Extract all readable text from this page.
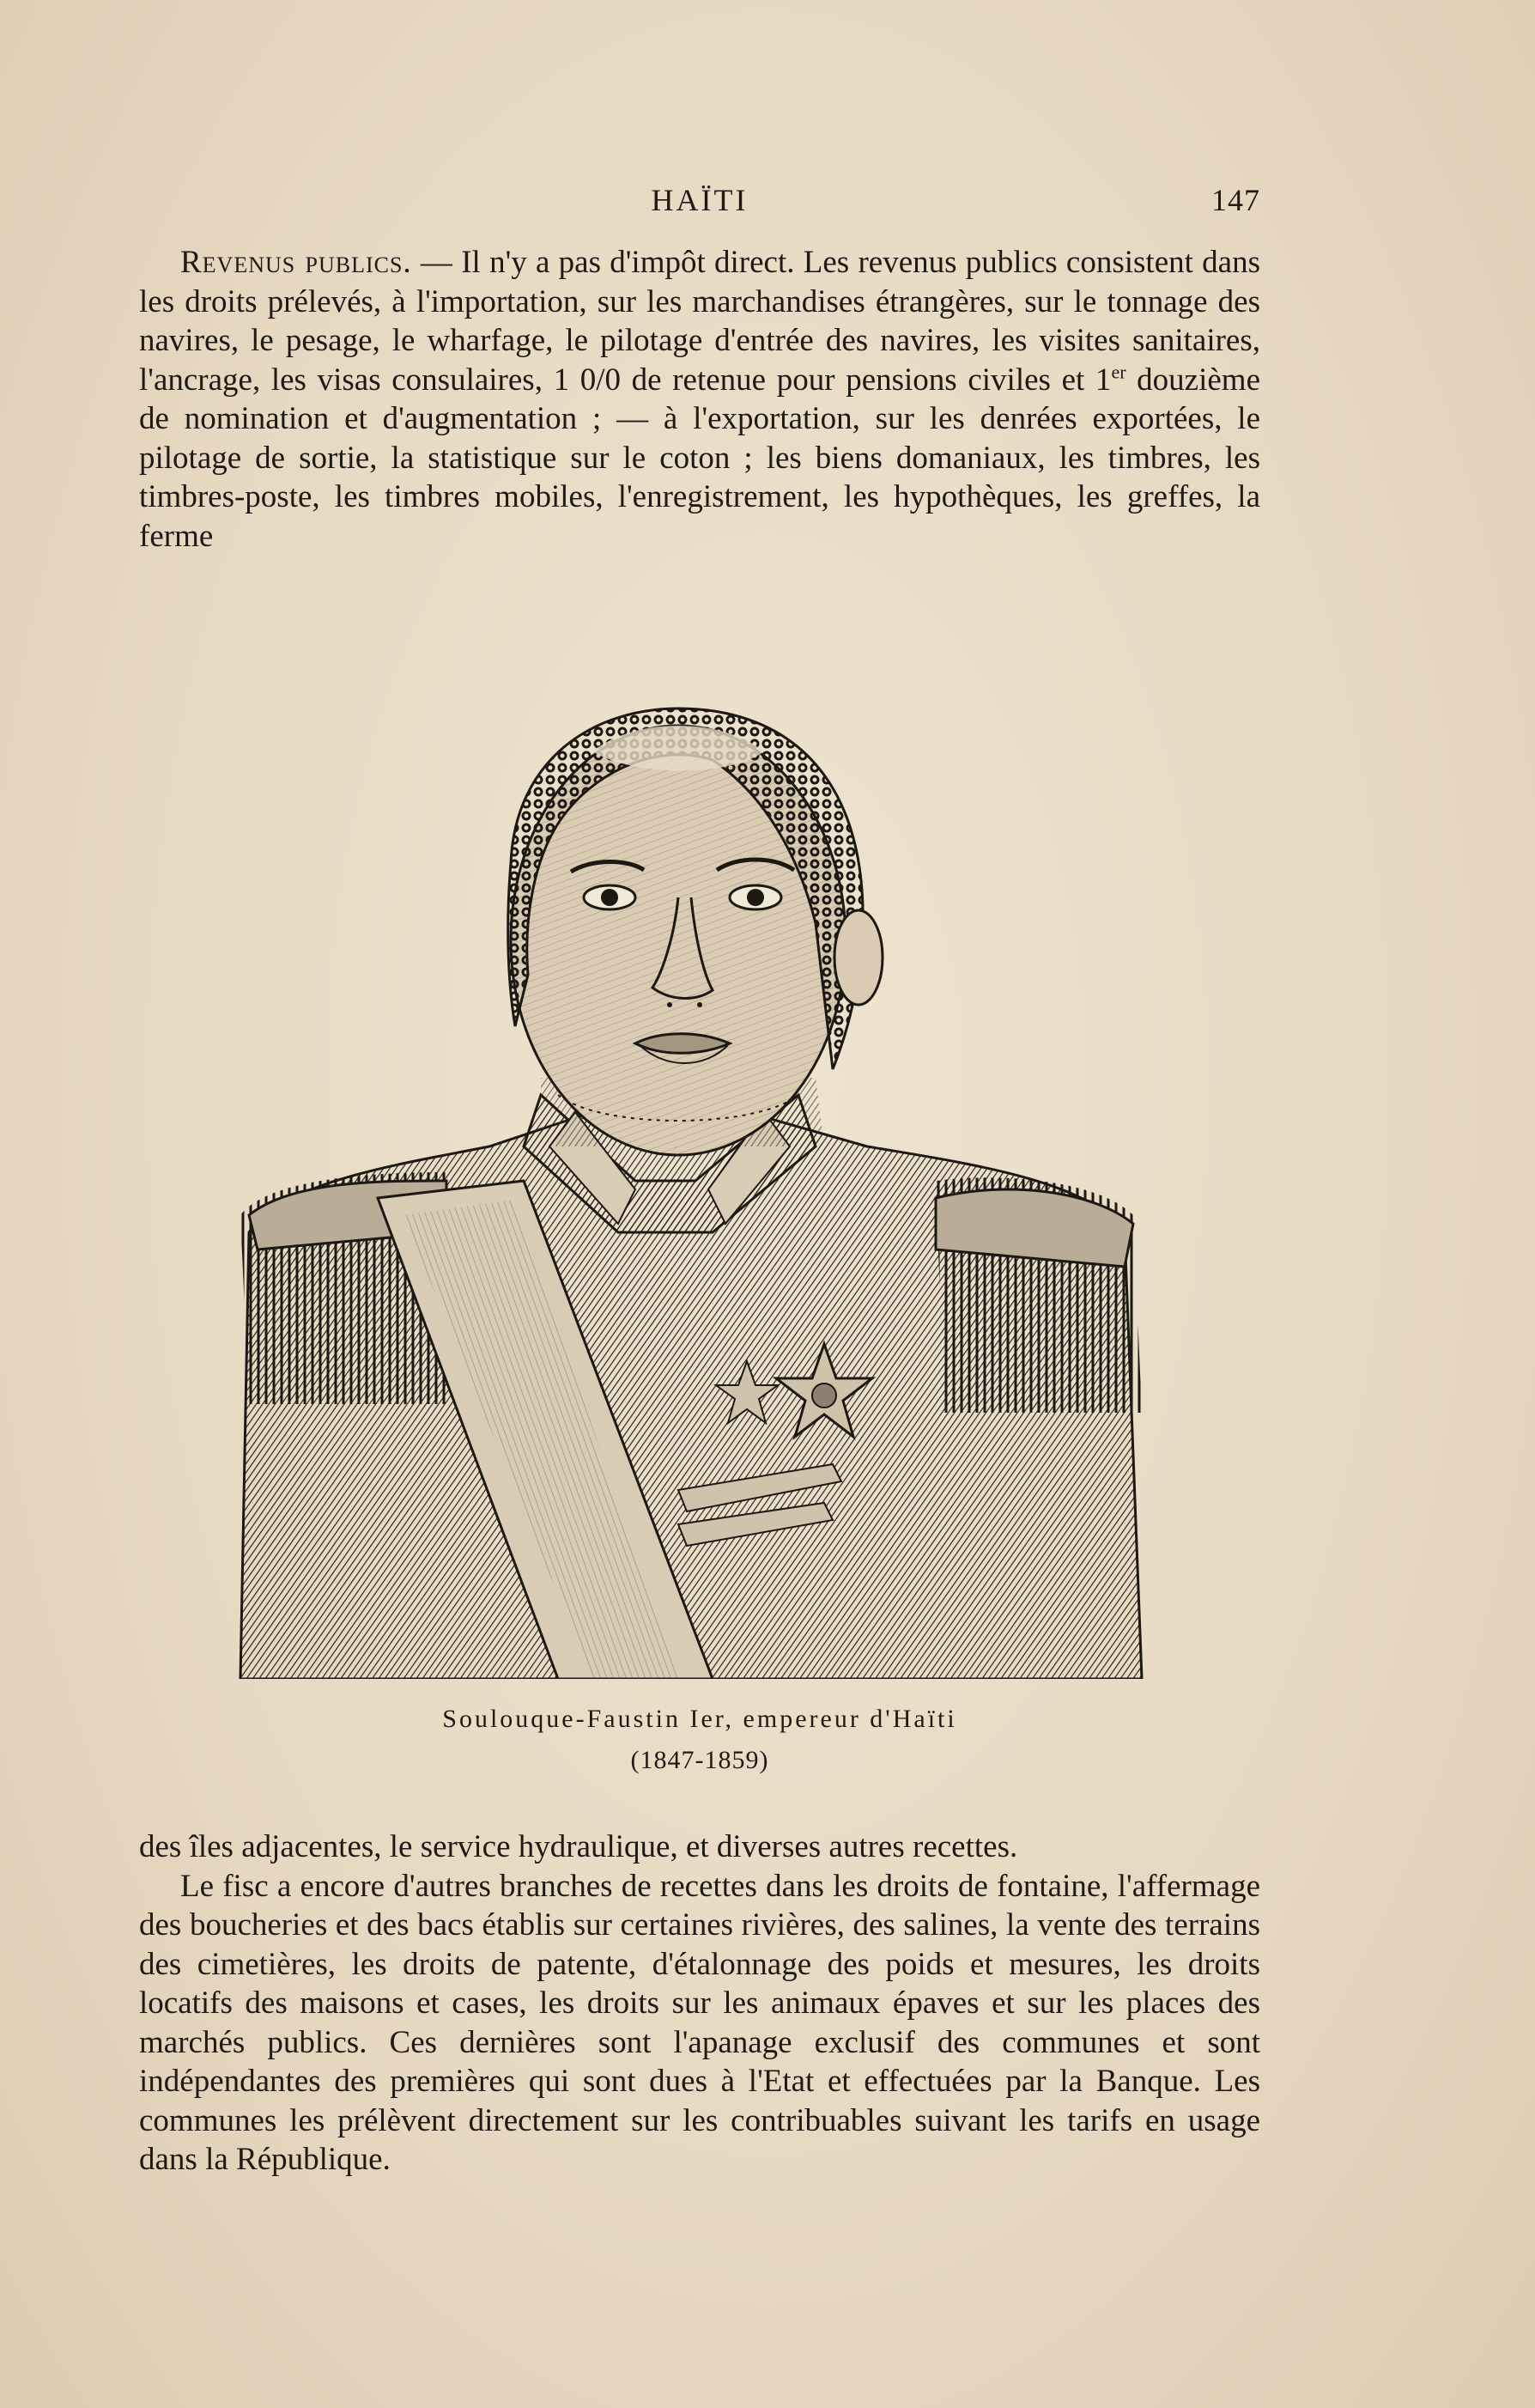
HAÏTI	147

Revenus publics. — Il n'y a pas d'impôt direct. Les revenus publics consistent dans les droits prélevés, à l'importation, sur les marchandises étrangères, sur le tonnage des navires, le pesage, le wharfage, le pilotage d'entrée des navires, les visites sanitaires, l'ancrage, les visas consulaires, 1 0/0 de retenue pour pensions civiles et 1er douzième de nomination et d'augmentation ; — à l'exportation, sur les denrées exportées, le pilotage de sortie, la statistique sur le coton ; les biens domaniaux, les timbres, les timbres-poste, les timbres mobiles, l'enregistrement, les hypothèques, les greffes, la ferme

Soulouque-Faustin Ier, empereur d'Haïti
(1847-1859)

des îles adjacentes, le service hydraulique, et diverses autres recettes.

Le fisc a encore d'autres branches de recettes dans les droits de fontaine, l'affermage des boucheries et des bacs établis sur certaines rivières, des salines, la vente des terrains des cimetières, les droits de patente, d'étalonnage des poids et mesures, les droits locatifs des maisons et cases, les droits sur les animaux épaves et sur les places des marchés publics. Ces dernières sont l'apanage exclusif des communes et sont indépendantes des premières qui sont dues à l'Etat et effectuées par la Banque. Les communes les prélèvent directement sur les contribuables suivant les tarifs en usage dans la République.
